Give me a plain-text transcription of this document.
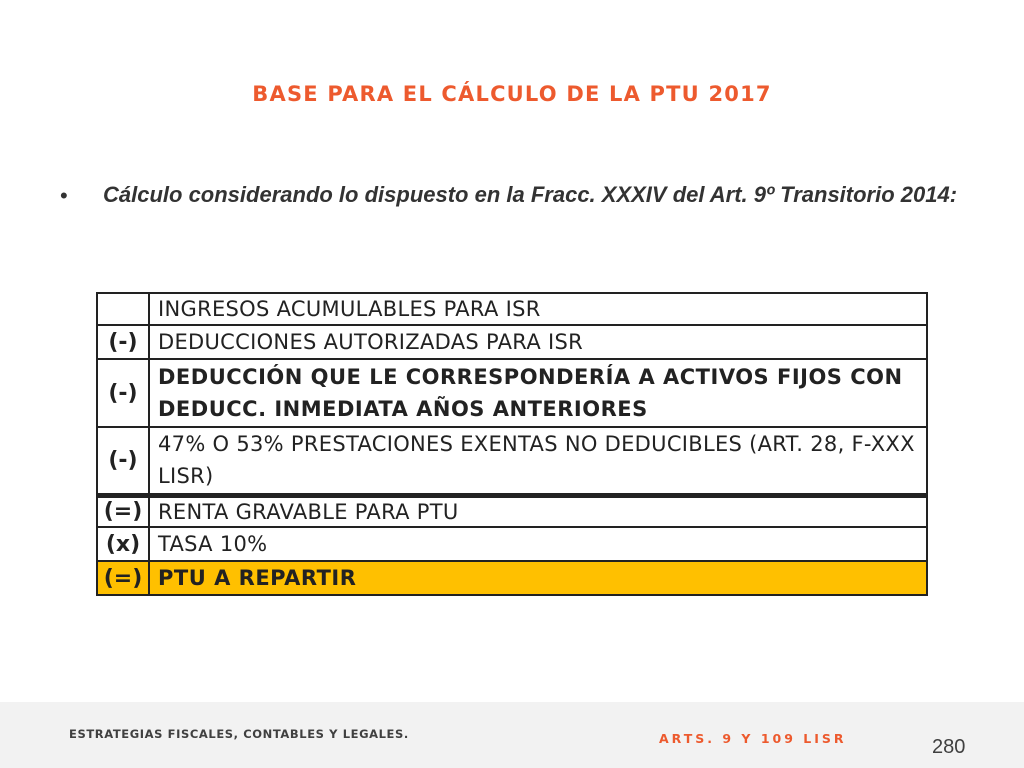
BASE PARA EL CÁLCULO DE LA PTU 2017
• Cálculo considerando lo dispuesto en la Fracc. XXXIV del Art. 9º Transitorio 2014:
	INGRESOS ACUMULABLES PARA ISR
(-)	DEDUCCIONES AUTORIZADAS PARA ISR
(-)	DEDUCCIÓN QUE LE CORRESPONDERÍA A ACTIVOS FIJOS CON DEDUCC. INMEDIATA AÑOS ANTERIORES
(-)	47% O 53% PRESTACIONES EXENTAS NO DEDUCIBLES (ART. 28, F-XXX LISR)
(=)	RENTA GRAVABLE PARA PTU
(x)	TASA 10%
(=)	PTU A REPARTIR
ESTRATEGIAS FISCALES, CONTABLES Y LEGALES.	ARTS. 9 Y 109 LISR	280
